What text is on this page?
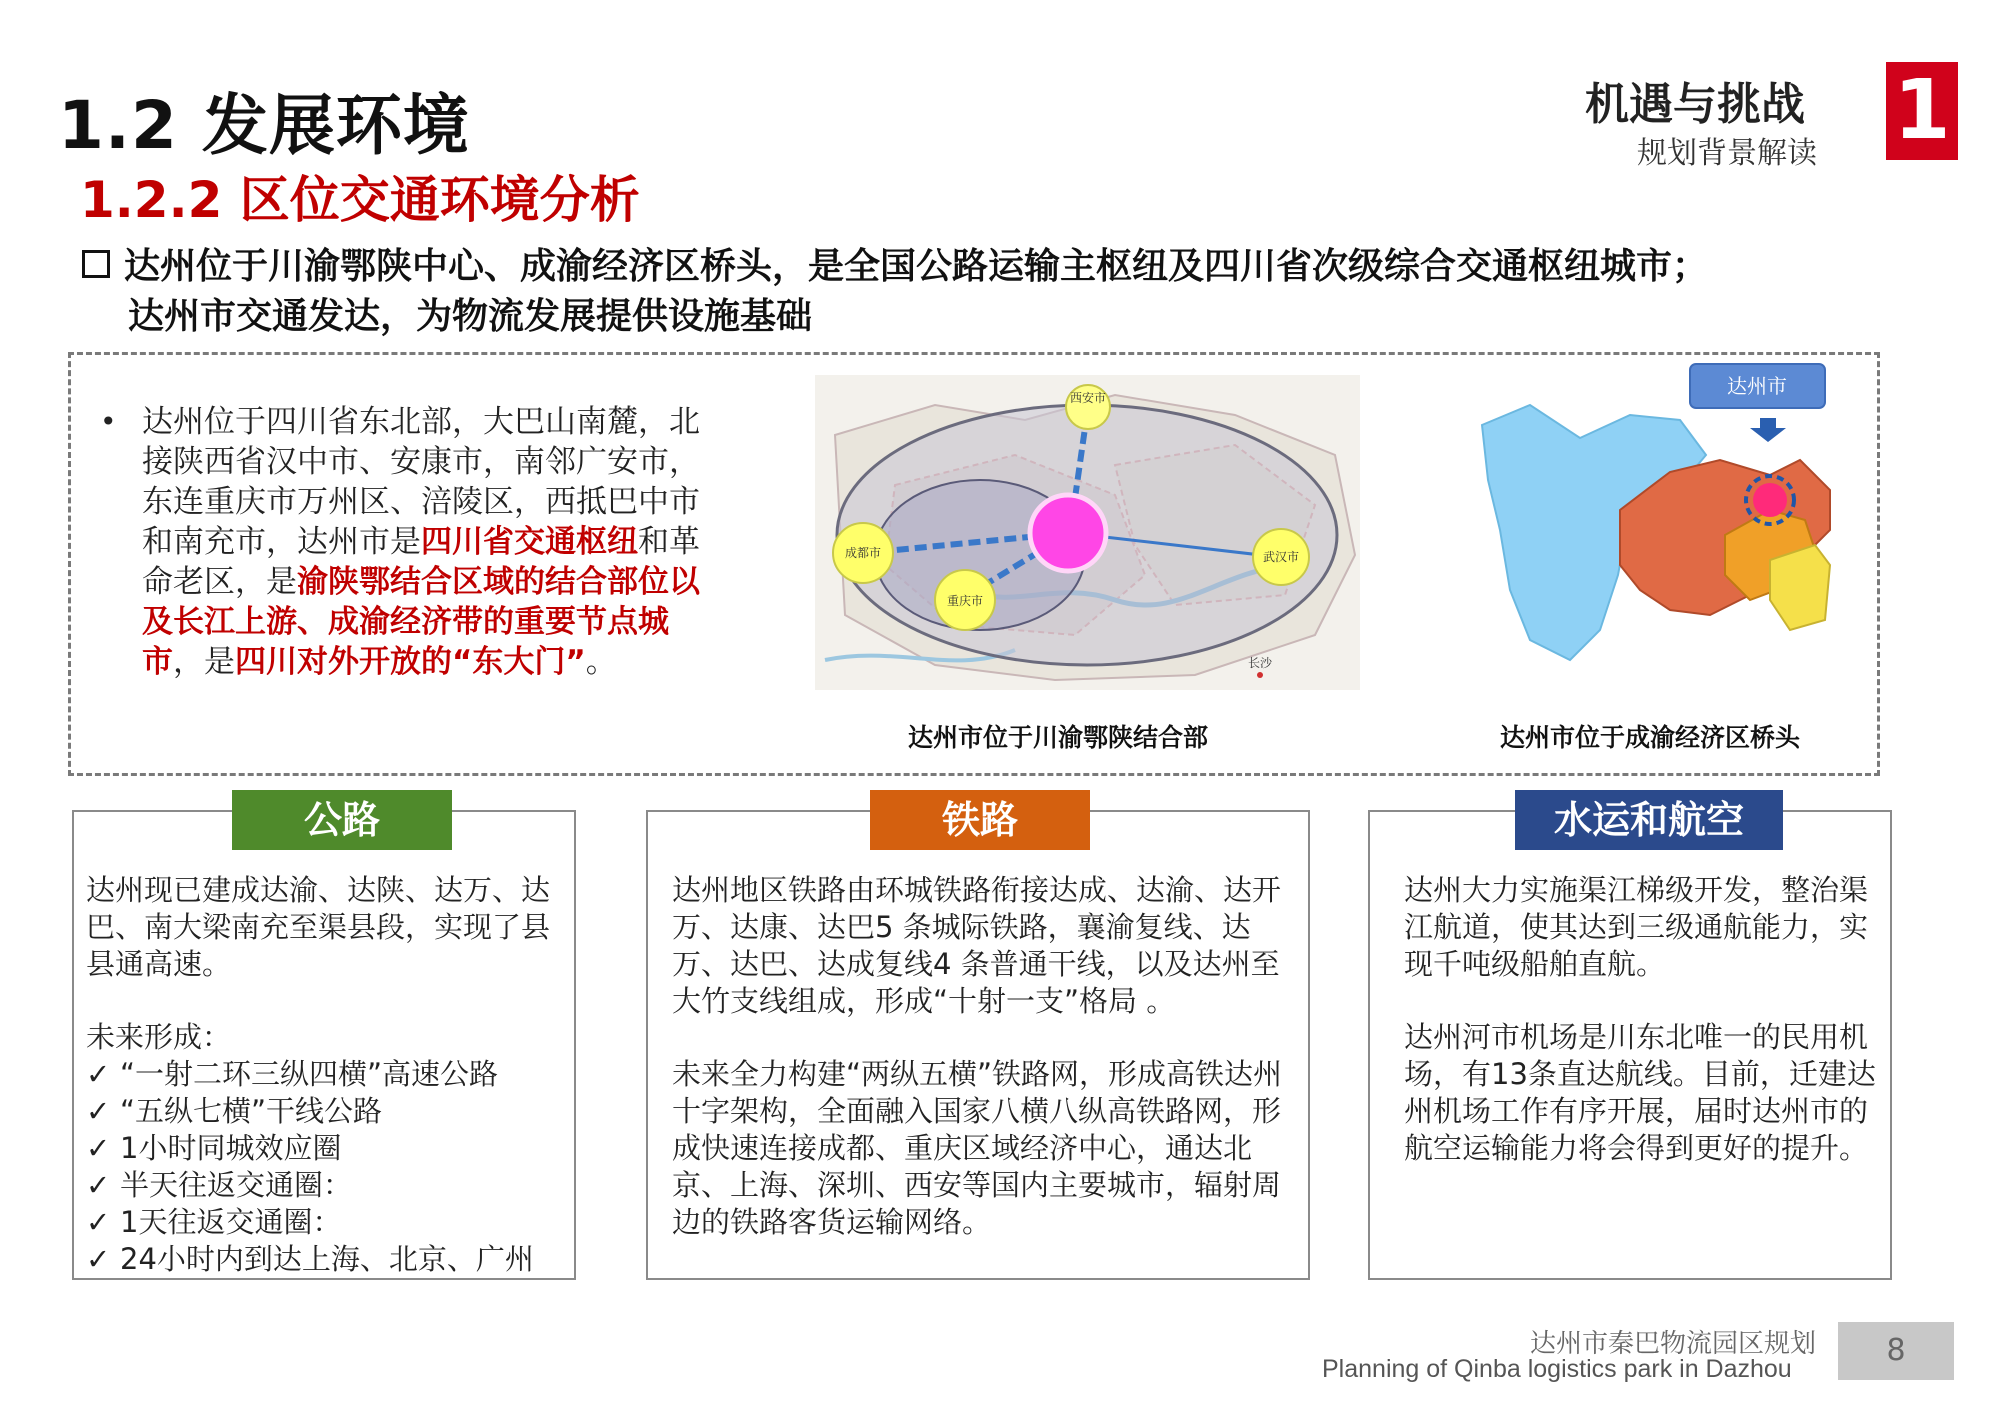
1.2 发展环境
1.2.2 区位交通环境分析
机遇与挑战
规划背景解读 1
达州位于川渝鄂陕中心、成渝经济区桥头，是全国公路运输主枢纽及四川省次级综合交通枢纽城市；
达州市交通发达，为物流发展提供设施基础
• 达州位于四川省东北部，大巴山南麓，北接陕西省汉中市、安康市，南邻广安市，东连重庆市万州区、涪陵区，西抵巴中市和南充市，达州市是四川省交通枢纽和革命老区，是渝陕鄂结合区域的结合部位以及长江上游、成渝经济带的重要节点城市，是四川对外开放的“东大门”。
西安市
成都市
重庆市
武汉市
长沙
达州市位于川渝鄂陕结合部
达州市
达州市位于成渝经济区桥头
公路

达州现已建成达渝、达陕、达万、达巴、南大梁南充至渠县段，实现了县县通高速。

未来形成：

✓ “一射二环三纵四横”高速公路

✓ “五纵七横”干线公路

✓ 1小时同城效应圈

✓ 半天往返交通圈：

✓ 1天往返交通圈：

✓ 24小时内到达上海、北京、广州

铁路

达州地区铁路由环城铁路衔接达成、达渝、达开万、达康、达巴5 条城际铁路，襄渝复线、达万、达巴、达成复线4 条普通干线，以及达州至大竹支线组成，形成“十射一支”格局 。

未来全力构建“两纵五横”铁路网，形成高铁达州十字架构，全面融入国家八横八纵高铁路网，形成快速连接成都、重庆区域经济中心，通达北京、上海、深圳、西安等国内主要城市，辐射周边的铁路客货运输网络。

水运和航空

达州大力实施渠江梯级开发，整治渠江航道，使其达到三级通航能力，实现千吨级船舶直航。

达州河市机场是川东北唯一的民用机场，有13条直达航线。目前，迁建达州机场工作有序开展，届时达州市的航空运输能力将会得到更好的提升。

达州市秦巴物流园区规划
Planning of Qinba logistics park in Dazhou
8
